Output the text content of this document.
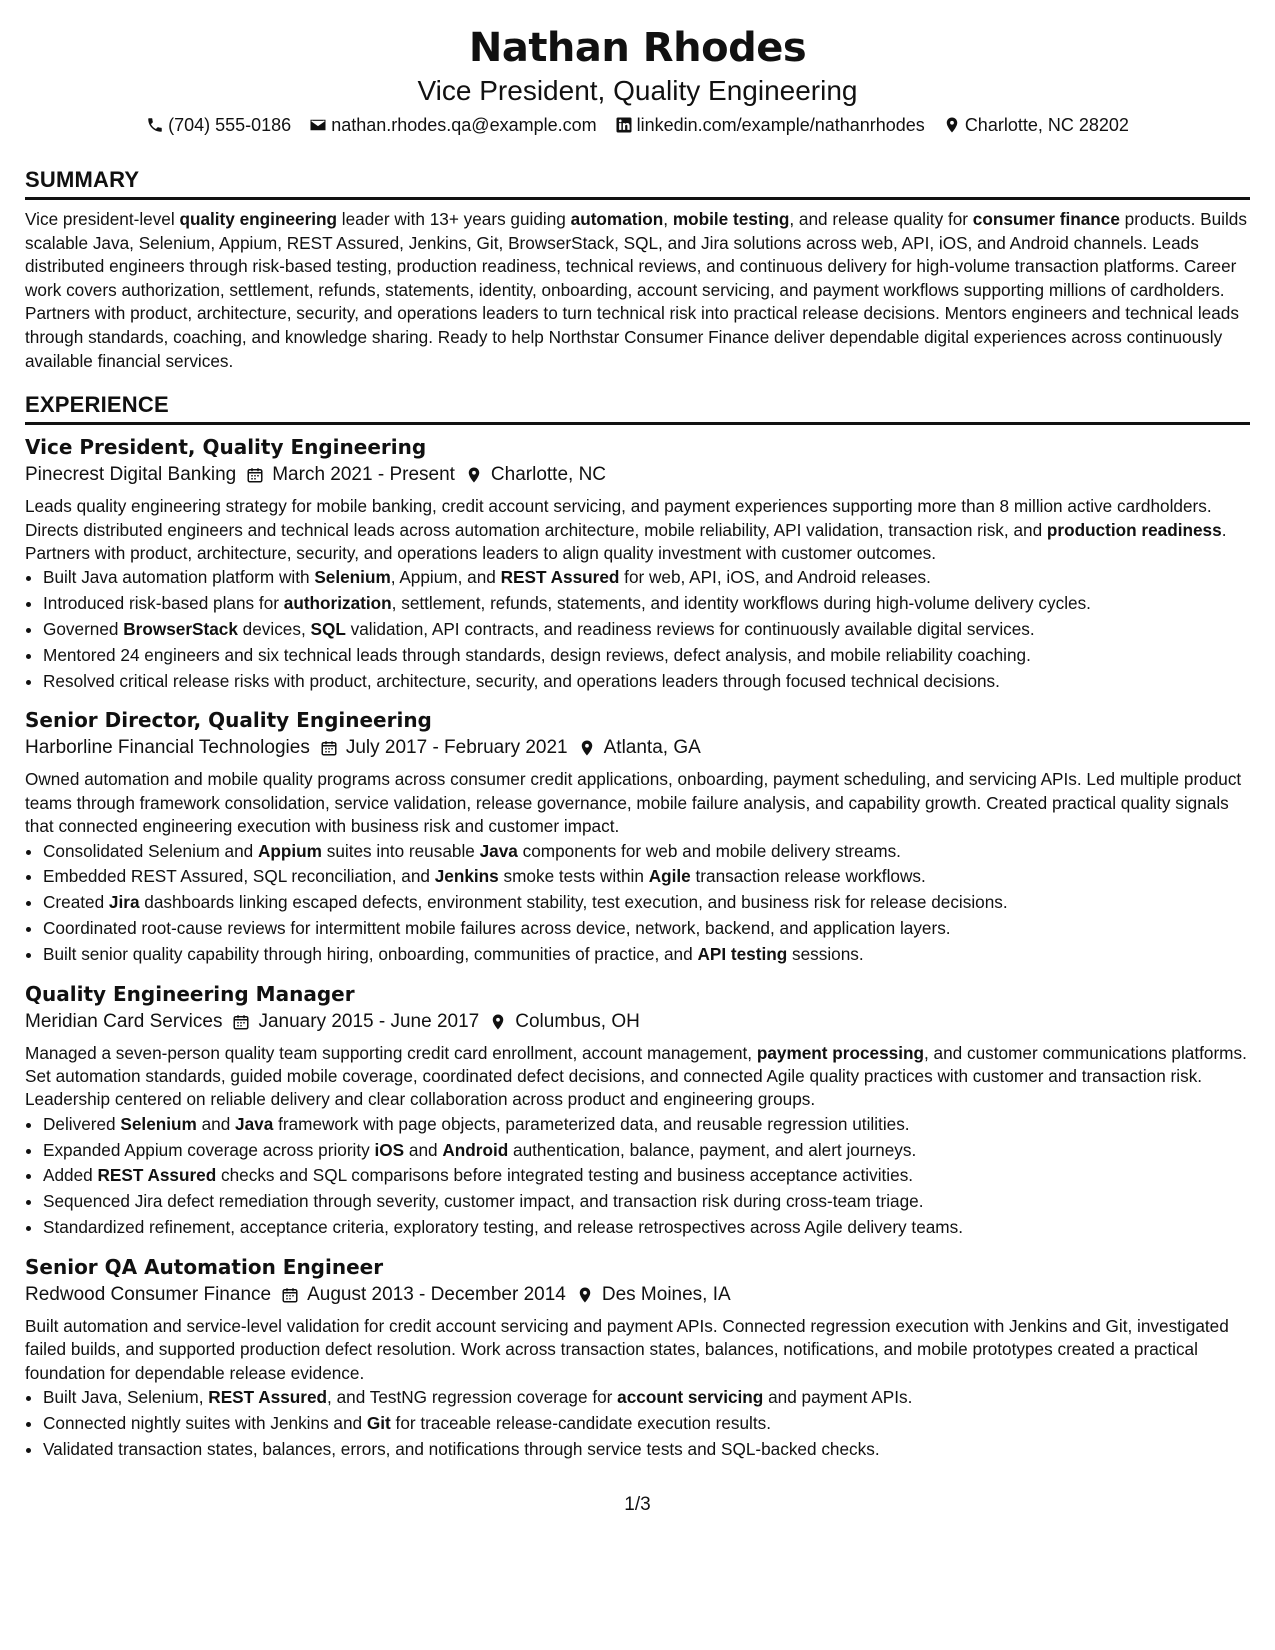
Nathan Rhodes
Vice President, Quality Engineering
(704) 555-0186 nathan.rhodes.qa@example.com linkedin.com/example/nathanrhodes Charlotte, NC 28202
SUMMARY
Vice president-level quality engineering leader with 13+ years guiding automation, mobile testing, and release quality for consumer finance products. Builds scalable Java, Selenium, Appium, REST Assured, Jenkins, Git, BrowserStack, SQL, and Jira solutions across web, API, iOS, and Android channels. Leads distributed engineers through risk-based testing, production readiness, technical reviews, and continuous delivery for high-volume transaction platforms. Career work covers authorization, settlement, refunds, statements, identity, onboarding, account servicing, and payment workflows supporting millions of cardholders. Partners with product, architecture, security, and operations leaders to turn technical risk into practical release decisions. Mentors engineers and technical leads through standards, coaching, and knowledge sharing. Ready to help Northstar Consumer Finance deliver dependable digital experiences across continuously available financial services.
EXPERIENCE
Vice President, Quality Engineering
Pinecrest Digital Banking March 2021 - Present Charlotte, NC
Leads quality engineering strategy for mobile banking, credit account servicing, and payment experiences supporting more than 8 million active cardholders. Directs distributed engineers and technical leads across automation architecture, mobile reliability, API validation, transaction risk, and production readiness. Partners with product, architecture, security, and operations leaders to align quality investment with customer outcomes.
• Built Java automation platform with Selenium, Appium, and REST Assured for web, API, iOS, and Android releases.
• Introduced risk-based plans for authorization, settlement, refunds, statements, and identity workflows during high-volume delivery cycles.
• Governed BrowserStack devices, SQL validation, API contracts, and readiness reviews for continuously available digital services.
• Mentored 24 engineers and six technical leads through standards, design reviews, defect analysis, and mobile reliability coaching.
• Resolved critical release risks with product, architecture, security, and operations leaders through focused technical decisions.
Senior Director, Quality Engineering
Harborline Financial Technologies July 2017 - February 2021 Atlanta, GA
Owned automation and mobile quality programs across consumer credit applications, onboarding, payment scheduling, and servicing APIs. Led multiple product teams through framework consolidation, service validation, release governance, mobile failure analysis, and capability growth. Created practical quality signals that connected engineering execution with business risk and customer impact.
• Consolidated Selenium and Appium suites into reusable Java components for web and mobile delivery streams.
• Embedded REST Assured, SQL reconciliation, and Jenkins smoke tests within Agile transaction release workflows.
• Created Jira dashboards linking escaped defects, environment stability, test execution, and business risk for release decisions.
• Coordinated root-cause reviews for intermittent mobile failures across device, network, backend, and application layers.
• Built senior quality capability through hiring, onboarding, communities of practice, and API testing sessions.
Quality Engineering Manager
Meridian Card Services January 2015 - June 2017 Columbus, OH
Managed a seven-person quality team supporting credit card enrollment, account management, payment processing, and customer communications platforms. Set automation standards, guided mobile coverage, coordinated defect decisions, and connected Agile quality practices with customer and transaction risk. Leadership centered on reliable delivery and clear collaboration across product and engineering groups.
• Delivered Selenium and Java framework with page objects, parameterized data, and reusable regression utilities.
• Expanded Appium coverage across priority iOS and Android authentication, balance, payment, and alert journeys.
• Added REST Assured checks and SQL comparisons before integrated testing and business acceptance activities.
• Sequenced Jira defect remediation through severity, customer impact, and transaction risk during cross-team triage.
• Standardized refinement, acceptance criteria, exploratory testing, and release retrospectives across Agile delivery teams.
Senior QA Automation Engineer
Redwood Consumer Finance August 2013 - December 2014 Des Moines, IA
Built automation and service-level validation for credit account servicing and payment APIs. Connected regression execution with Jenkins and Git, investigated failed builds, and supported production defect resolution. Work across transaction states, balances, notifications, and mobile prototypes created a practical foundation for dependable release evidence.
• Built Java, Selenium, REST Assured, and TestNG regression coverage for account servicing and payment APIs.
• Connected nightly suites with Jenkins and Git for traceable release-candidate execution results.
• Validated transaction states, balances, errors, and notifications through service tests and SQL-backed checks.
1/3
